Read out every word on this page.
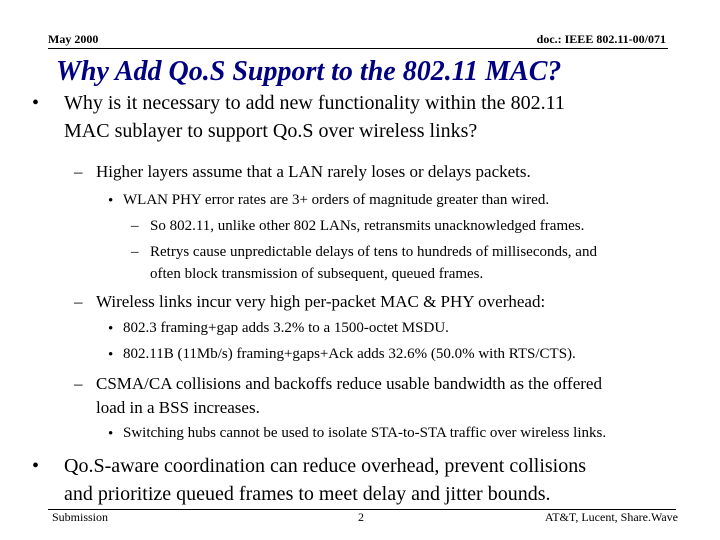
May 2000	doc.: IEEE 802.11-00/071
Why Add Qo.S Support to the 802.11 MAC?
• Why is it necessary to add new functionality within the 802.11
MAC sublayer to support Qo.S over wireless links?
– Higher layers assume that a LAN rarely loses or delays packets.
• WLAN PHY error rates are 3+ orders of magnitude greater than wired.
– So 802.11, unlike other 802 LANs, retransmits unacknowledged frames.
– Retrys cause unpredictable delays of tens to hundreds of milliseconds, and
often block transmission of subsequent, queued frames.
– Wireless links incur very high per-packet MAC & PHY overhead:
• 802.3 framing+gap adds 3.2% to a 1500-octet MSDU.
• 802.11B (11Mb/s) framing+gaps+Ack adds 32.6% (50.0% with RTS/CTS).
– CSMA/CA collisions and backoffs reduce usable bandwidth as the offered
load in a BSS increases.
• Switching hubs cannot be used to isolate STA-to-STA traffic over wireless links.
• Qo.S-aware coordination can reduce overhead, prevent collisions
and prioritize queued frames to meet delay and jitter bounds.
Submission	2	AT&T, Lucent, Share.Wave
